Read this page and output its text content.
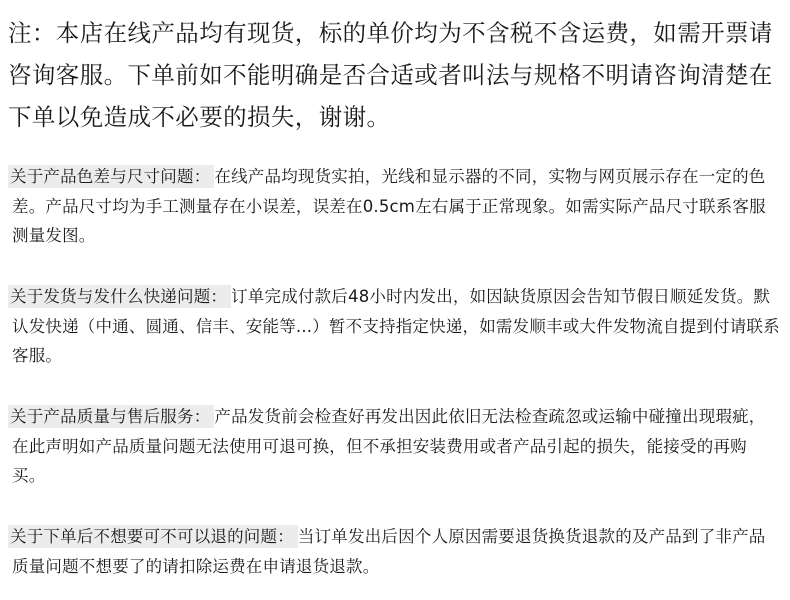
注：本店在线产品均有现货，标的单价均为不含税不含运费，如需开票请咨询客服。下单前如不能明确是否合适或者叫法与规格不明请咨询清楚在下单以免造成不必要的损失，谢谢。
关于产品色差与尺寸问题： 在线产品均现货实拍，光线和显示器的不同，实物与网页展示存在一定的色差。产品尺寸均为手工测量存在小误差，误差在0.5cm左右属于正常现象。如需实际产品尺寸联系客服测量发图。
关于发货与发什么快递问题： 订单完成付款后48小时内发出，如因缺货原因会告知节假日顺延发货。默认发快递（中通、圆通、信丰、安能等...）暂不支持指定快递，如需发顺丰或大件发物流自提到付请联系客服。
关于产品质量与售后服务： 产品发货前会检查好再发出因此依旧无法检查疏忽或运输中碰撞出现瑕疵，在此声明如产品质量问题无法使用可退可换，但不承担安装费用或者产品引起的损失，能接受的再购买。
关于下单后不想要可不可以退的问题： 当订单发出后因个人原因需要退货换货退款的及产品到了非产品质量问题不想要了的请扣除运费在申请退货退款。
